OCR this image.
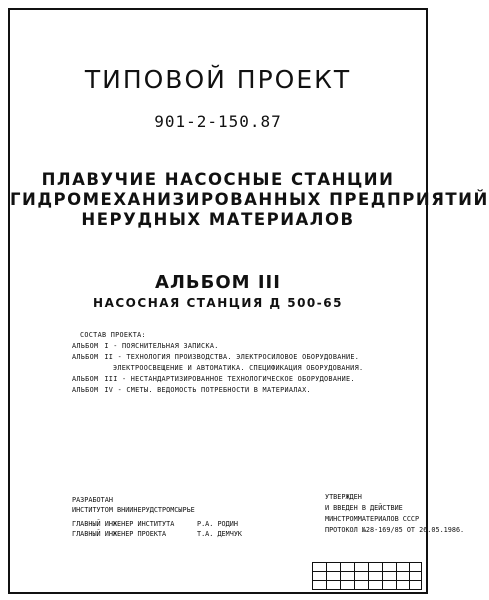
ТИПОВОЙ ПРОЕКТ
901-2-150.87
ПЛАВУЧИЕ НАСОСНЫЕ СТАНЦИИ
ГИДРОМЕХАНИЗИРОВАННЫХ ПРЕДПРИЯТИЙ
НЕРУДНЫХ МАТЕРИАЛОВ
АЛЬБОМ III
НАСОСНАЯ СТАНЦИЯ Д 500-65
СОСТАВ ПРОЕКТА:
АЛЬБОМ I - ПОЯСНИТЕЛЬНАЯ ЗАПИСКА.
АЛЬБОМ II - ТЕХНОЛОГИЯ ПРОИЗВОДСТВА. ЭЛЕКТРОСИЛОВОЕ ОБОРУДОВАНИЕ.
ЭЛЕКТРООСВЕЩЕНИЕ И АВТОМАТИКА. СПЕЦИФИКАЦИЯ ОБОРУДОВАНИЯ.
АЛЬБОМ III - НЕСТАНДАРТИЗИРОВАННОЕ ТЕХНОЛОГИЧЕСКОЕ ОБОРУДОВАНИЕ.
АЛЬБОМ IV - СМЕТЫ. ВЕДОМОСТЬ ПОТРЕБНОСТИ В МАТЕРИАЛАХ.
РАЗРАБОТАН
ИНСТИТУТОМ ВНИИНЕРУДСТРОМСЫРЬЕ
ГЛАВНЫЙ ИНЖЕНЕР ИНСТИТУТА
ГЛАВНЫЙ ИНЖЕНЕР ПРОЕКТА
Р.А. РОДИН
Т.А. ДЕМЧУК
УТВЕРЖДЕН
И ВВЕДЕН В ДЕЙСТВИЕ
МИНСТРОММАТЕРИАЛОВ СССР
ПРОТОКОЛ №28-169/85 ОТ 26.05.1986.
